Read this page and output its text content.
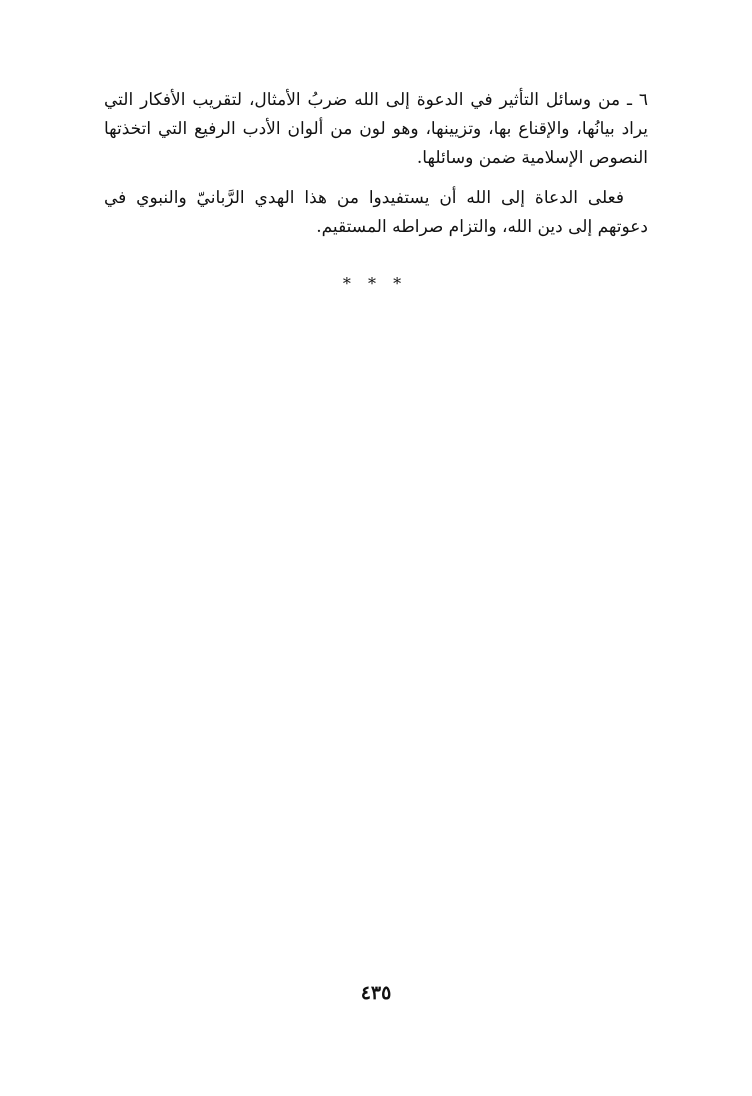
٦ ـ من وسائل التأثير في الدعوة إلى الله ضربُ الأمثال، لتقريب الأفكار التي يراد بيانُها، والإقناع بها، وتزيينها، وهو لون من ألوان الأدب الرفيع التي اتخذتها النصوص الإسلامية ضمن وسائلها.

فعلى الدعاة إلى الله أن يستفيدوا من هذا الهدي الرَّبانيّ والنبوي في دعوتهم إلى دين الله، والتزام صراطه المستقيم.

* * *
٤٣٥
